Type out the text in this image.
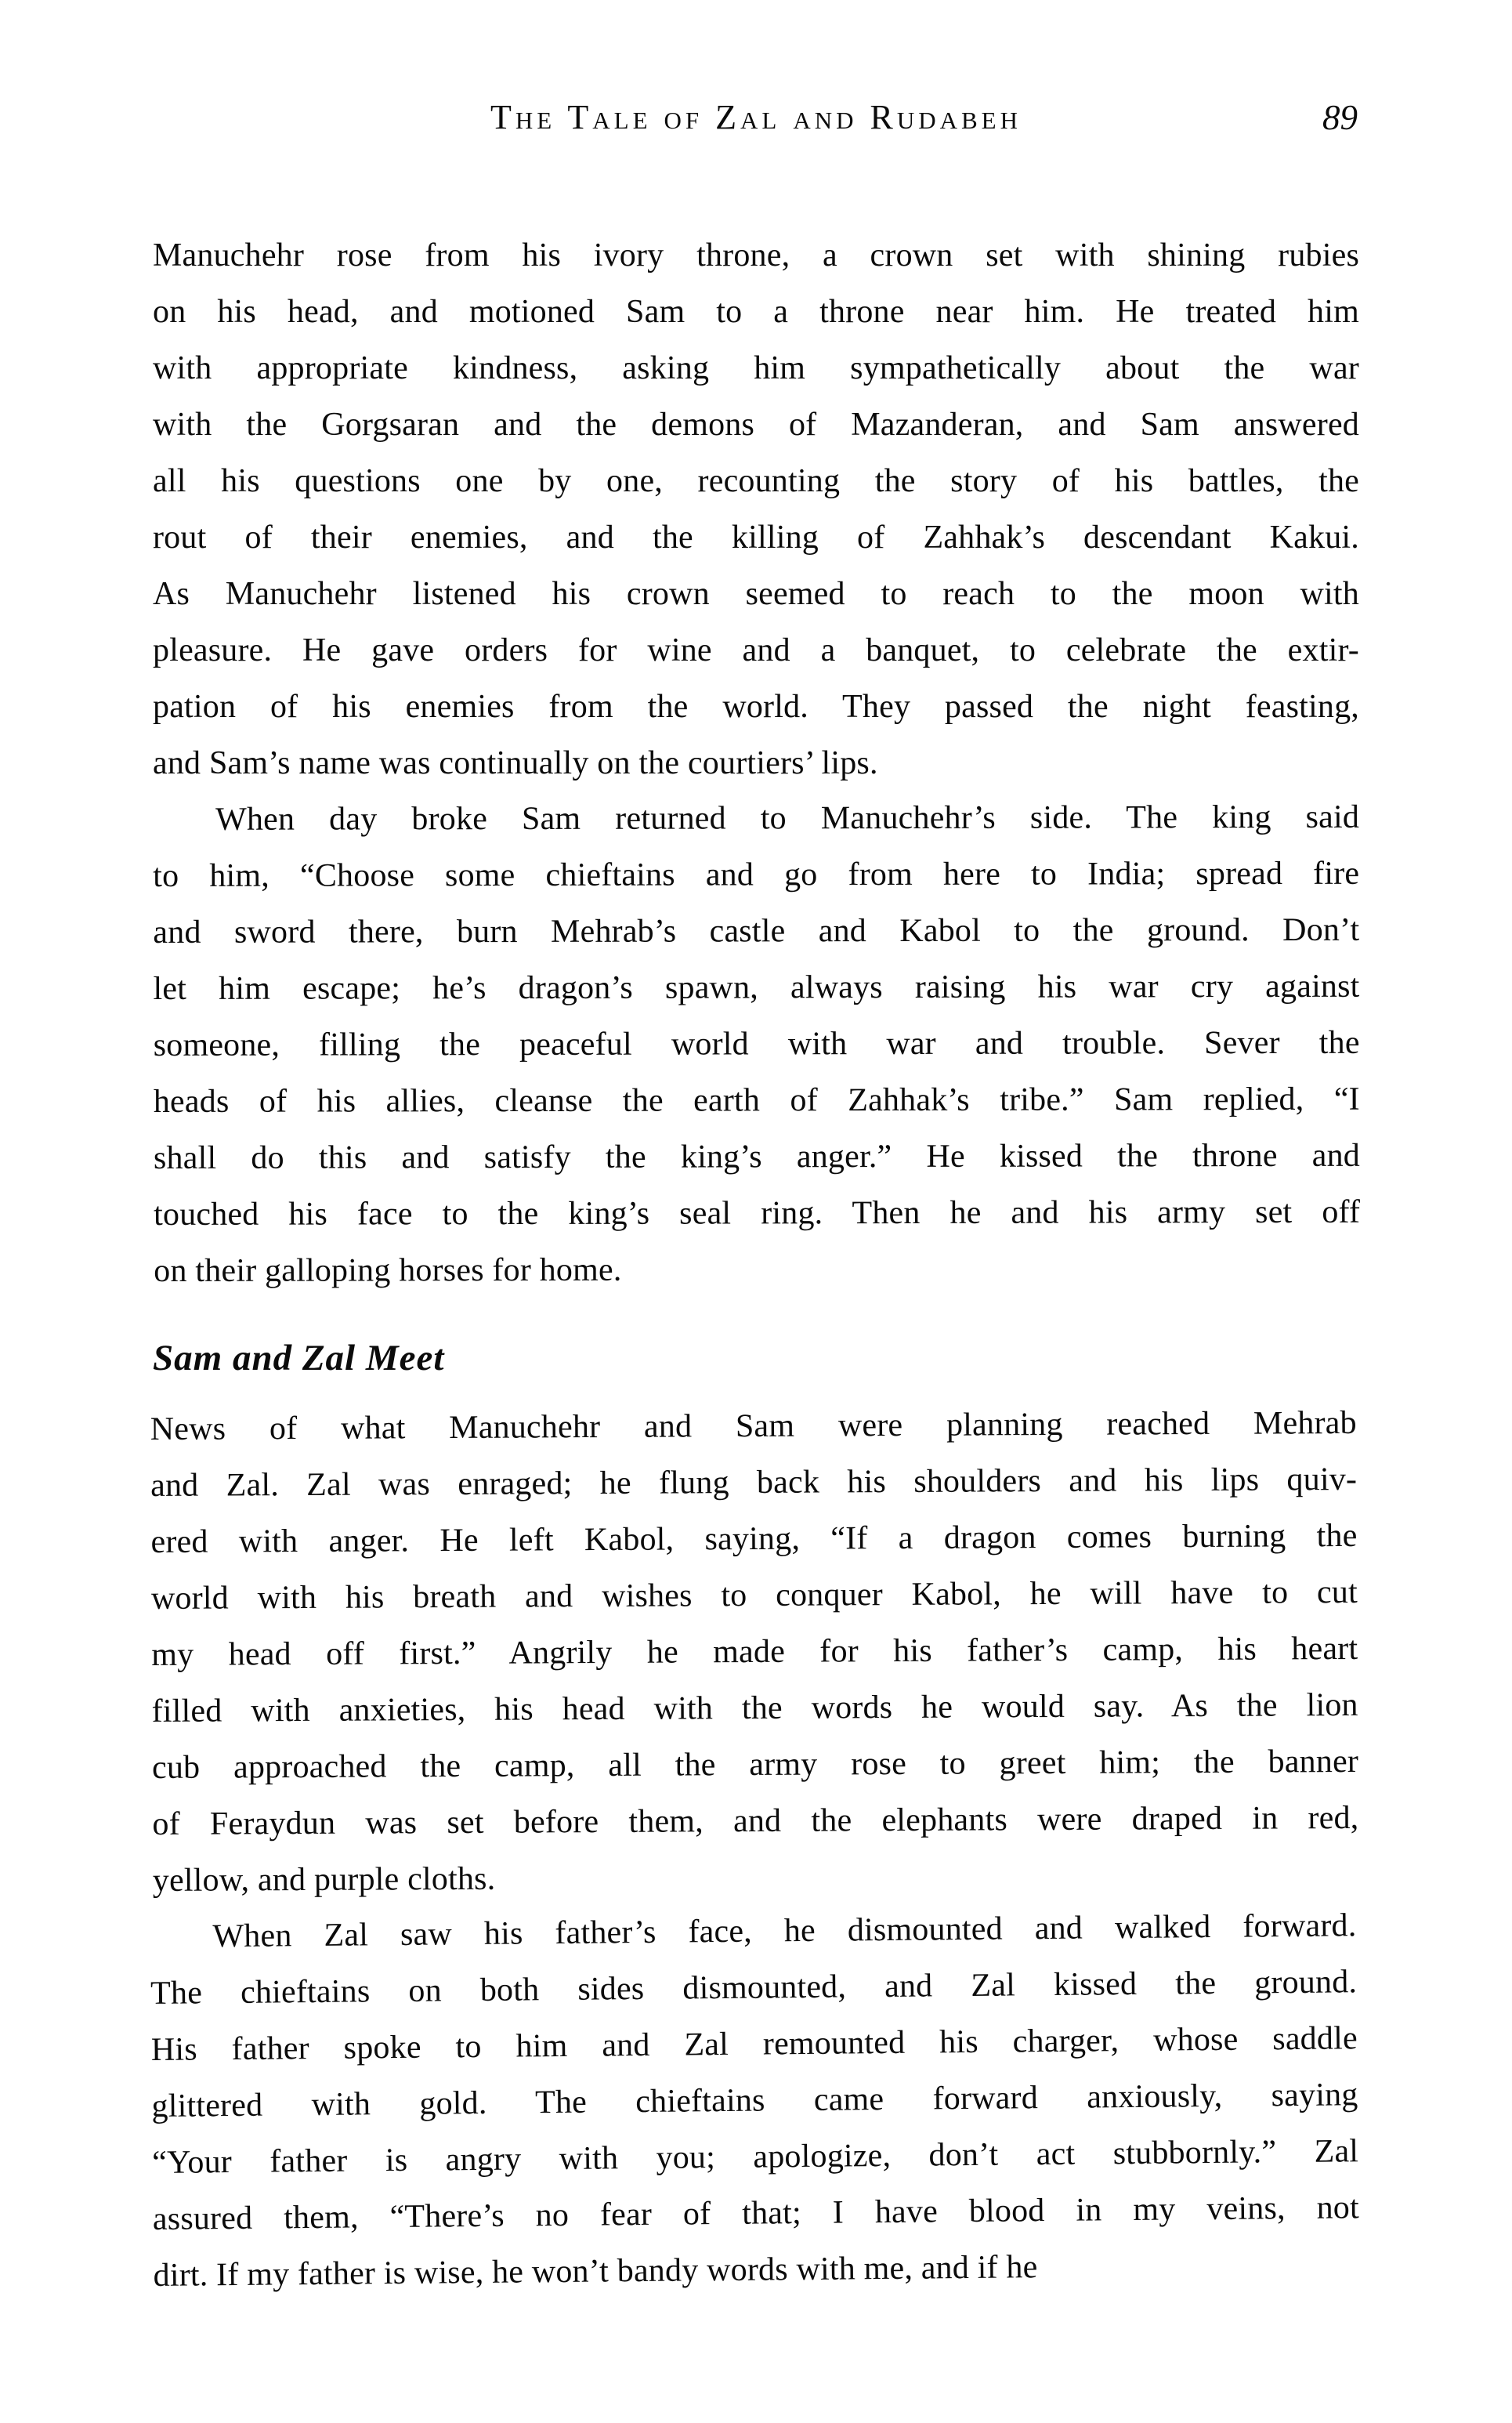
The Tale of Zal and Rudabeh	89
Manuchehr rose from his ivory throne, a crown set with shining rubies
on his head, and motioned Sam to a throne near him. He treated him
with appropriate kindness, asking him sympathetically about the war
with the Gorgsaran and the demons of Mazanderan, and Sam answered
all his questions one by one, recounting the story of his battles, the
rout of their enemies, and the killing of Zahhak’s descendant Kakui.
As Manuchehr listened his crown seemed to reach to the moon with
pleasure. He gave orders for wine and a banquet, to celebrate the extir-
pation of his enemies from the world. They passed the night feasting,
and Sam’s name was continually on the courtiers’ lips.
When day broke Sam returned to Manuchehr’s side. The king said
to him, “Choose some chieftains and go from here to India; spread fire
and sword there, burn Mehrab’s castle and Kabol to the ground. Don’t
let him escape; he’s dragon’s spawn, always raising his war cry against
someone, filling the peaceful world with war and trouble. Sever the
heads of his allies, cleanse the earth of Zahhak’s tribe.” Sam replied, “I
shall do this and satisfy the king’s anger.” He kissed the throne and
touched his face to the king’s seal ring. Then he and his army set off
on their galloping horses for home.
Sam and Zal Meet
News of what Manuchehr and Sam were planning reached Mehrab
and Zal. Zal was enraged; he flung back his shoulders and his lips quiv-
ered with anger. He left Kabol, saying, “If a dragon comes burning the
world with his breath and wishes to conquer Kabol, he will have to cut
my head off first.” Angrily he made for his father’s camp, his heart
filled with anxieties, his head with the words he would say. As the lion
cub approached the camp, all the army rose to greet him; the banner
of Feraydun was set before them, and the elephants were draped in red,
yellow, and purple cloths.
When Zal saw his father’s face, he dismounted and walked forward.
The chieftains on both sides dismounted, and Zal kissed the ground.
His father spoke to him and Zal remounted his charger, whose saddle
glittered with gold. The chieftains came forward anxiously, saying
“Your father is angry with you; apologize, don’t act stubbornly.” Zal
assured them, “There’s no fear of that; I have blood in my veins, not
dirt. If my father is wise, he won’t bandy words with me, and if he
